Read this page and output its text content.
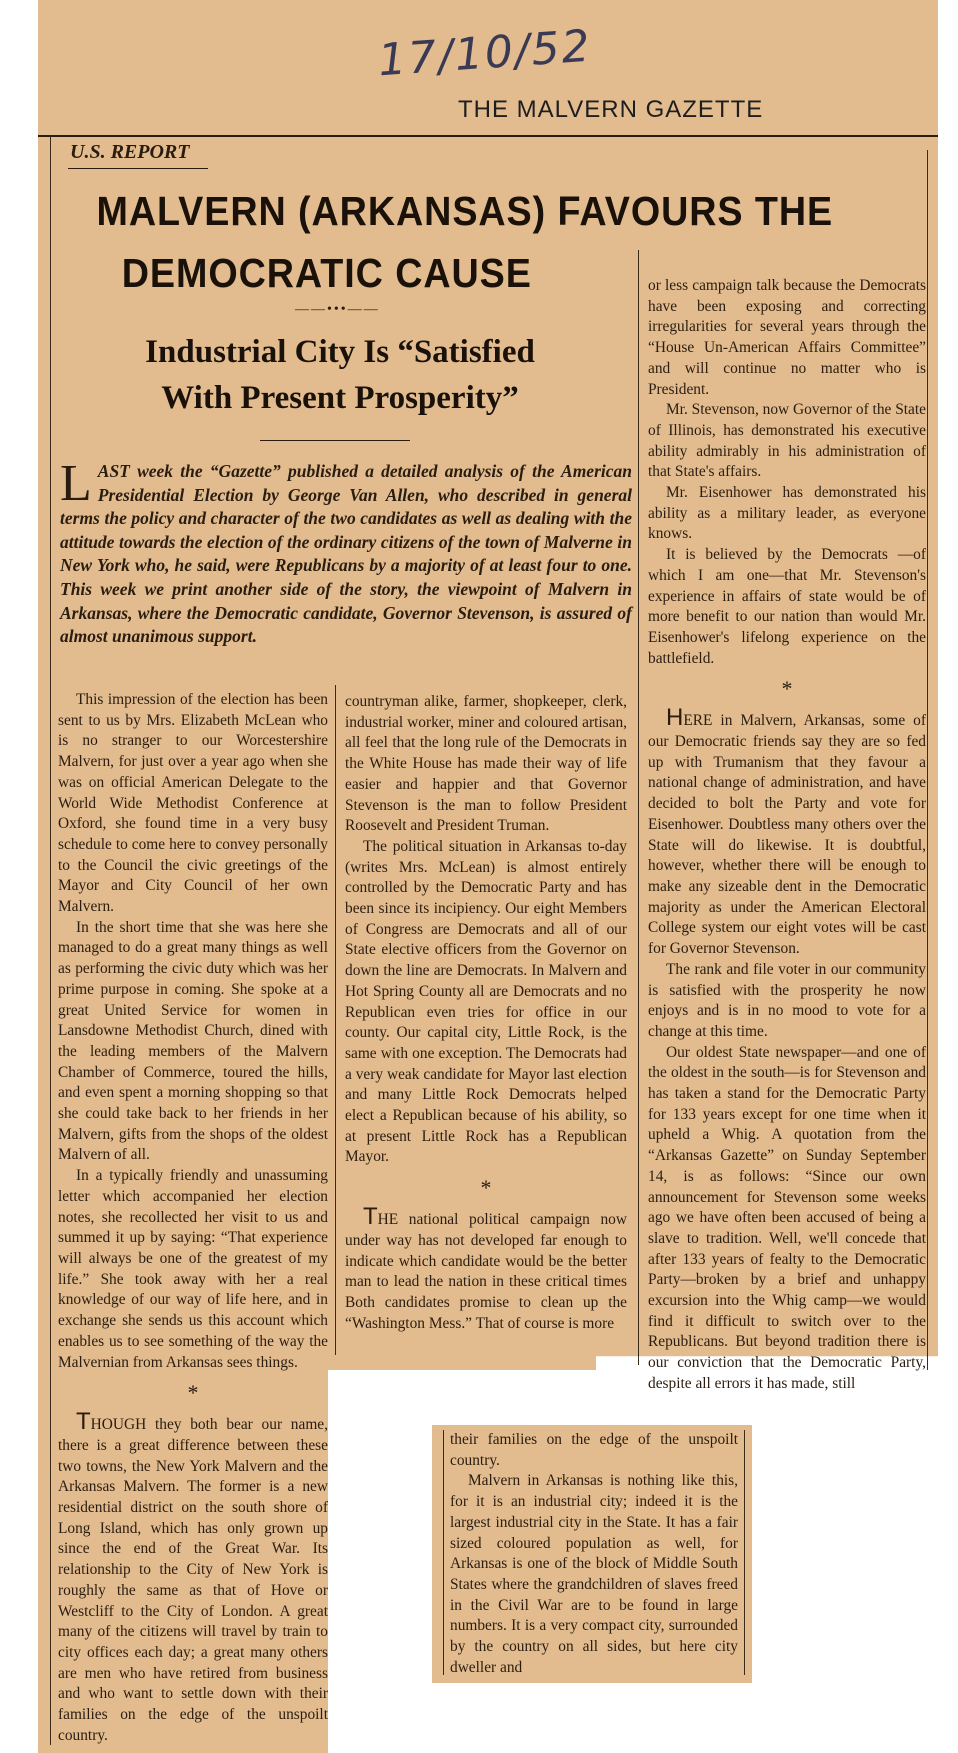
17/10/52
THE MALVERN GAZETTE
U.S. REPORT
MALVERN (ARKANSAS) FAVOURS THE
DEMOCRATIC CAUSE
——•••——
Industrial City Is “Satisfied
With Present Prosperity”
L AST week the “Gazette” published a detailed analysis of the American Presidential Election by George Van Allen, who described in general terms the policy and character of the two candidates as well as dealing with the attitude towards the election of the ordinary citizens of the town of Malverne in New York who, he said, were Republicans by a majority of at least four to one. This week we print another side of the story, the viewpoint of Malvern in Arkansas, where the Democratic candidate, Governor Stevenson, is assured of almost unanimous support.

This impression of the election has been sent to us by Mrs. Elizabeth McLean who is no stranger to our Worcestershire Malvern, for just over a year ago when she was on official American Delegate to the World Wide Methodist Conference at Oxford, she found time in a very busy schedule to come here to convey personally to the Council the civic greetings of the Mayor and City Council of her own Malvern.

In the short time that she was here she managed to do a great many things as well as performing the civic duty which was her prime purpose in coming. She spoke at a great United Service for women in Lansdowne Methodist Church, dined with the leading members of the Malvern Chamber of Commerce, toured the hills, and even spent a morning shopping so that she could take back to her friends in her Malvern, gifts from the shops of the oldest Malvern of all.

In a typically friendly and unassuming letter which accompanied her election notes, she recollected her visit to us and summed it up by saying: “That experience will always be one of the greatest of my life.” She took away with her a real knowledge of our way of life here, and in exchange she sends us this account which enables us to see something of the way the Malvernian from Arkansas sees things.

*

THOUGH they both bear our name, there is a great difference between these two towns, the New York Malvern and the Arkansas Malvern. The former is a new residential district on the south shore of Long Island, which has only grown up since the end of the Great War. Its relationship to the City of New York is roughly the same as that of Hove or Westcliff to the City of London. A great many of the citizens will travel by train to city offices each day; a great many others are men who have retired from business and who want to settle down with their families on the edge of the unspoilt country.

countryman alike, farmer, shopkeeper, clerk, industrial worker, miner and coloured artisan, all feel that the long rule of the Democrats in the White House has made their way of life easier and happier and that Governor Stevenson is the man to follow President Roosevelt and President Truman.

The political situation in Arkansas to-day (writes Mrs. McLean) is almost entirely controlled by the Democratic Party and has been since its incipiency. Our eight Members of Congress are Democrats and all of our State elective officers from the Governor on down the line are Democrats. In Malvern and Hot Spring County all are Democrats and no Republican even tries for office in our county. Our capital city, Little Rock, is the same with one exception. The Democrats had a very weak candidate for Mayor last election and many Little Rock Democrats helped elect a Republican because of his ability, so at present Little Rock has a Republican Mayor.

*

THE national political campaign now under way has not developed far enough to indicate which candidate would be the better man to lead the nation in these critical times Both candidates promise to clean up the “Washington Mess.” That of course is more

or less campaign talk because the Democrats have been exposing and correcting irregularities for several years through the “House Un-American Affairs Committee” and will continue no matter who is President.

Mr. Stevenson, now Governor of the State of Illinois, has demonstrated his executive ability admirably in his administration of that State's affairs.

Mr. Eisenhower has demonstrated his ability as a military leader, as everyone knows.

It is believed by the Democrats —of which I am one—that Mr. Stevenson's experience in affairs of state would be of more benefit to our nation than would Mr. Eisenhower's lifelong experience on the battlefield.

*

HERE in Malvern, Arkansas, some of our Democratic friends say they are so fed up with Trumanism that they favour a national change of administration, and have decided to bolt the Party and vote for Eisenhower. Doubtless many others over the State will do likewise. It is doubtful, however, whether there will be enough to make any sizeable dent in the Democratic majority as under the American Electoral College system our eight votes will be cast for Governor Stevenson.

The rank and file voter in our community is satisfied with the prosperity he now enjoys and is in no mood to vote for a change at this time.

Our oldest State newspaper—and one of the oldest in the south—is for Stevenson and has taken a stand for the Democratic Party for 133 years except for one time when it upheld a Whig. A quotation from the “Arkansas Gazette” on Sunday September 14, is as follows: “Since our own announcement for Stevenson some weeks ago we have often been accused of being a slave to tradition. Well, we'll concede that after 133 years of fealty to the Democratic Party—broken by a brief and unhappy excursion into the Whig camp—we would find it difficult to switch over to the Republicans. But beyond tradition there is our conviction that the Democratic Party, despite all errors it has made, still

their families on the edge of the unspoilt country.

Malvern in Arkansas is nothing like this, for it is an industrial city; indeed it is the largest industrial city in the State. It has a fair sized coloured population as well, for Arkansas is one of the block of Middle South States where the grandchildren of slaves freed in the Civil War are to be found in large numbers. It is a very compact city, surrounded by the country on all sides, but here city dweller and
